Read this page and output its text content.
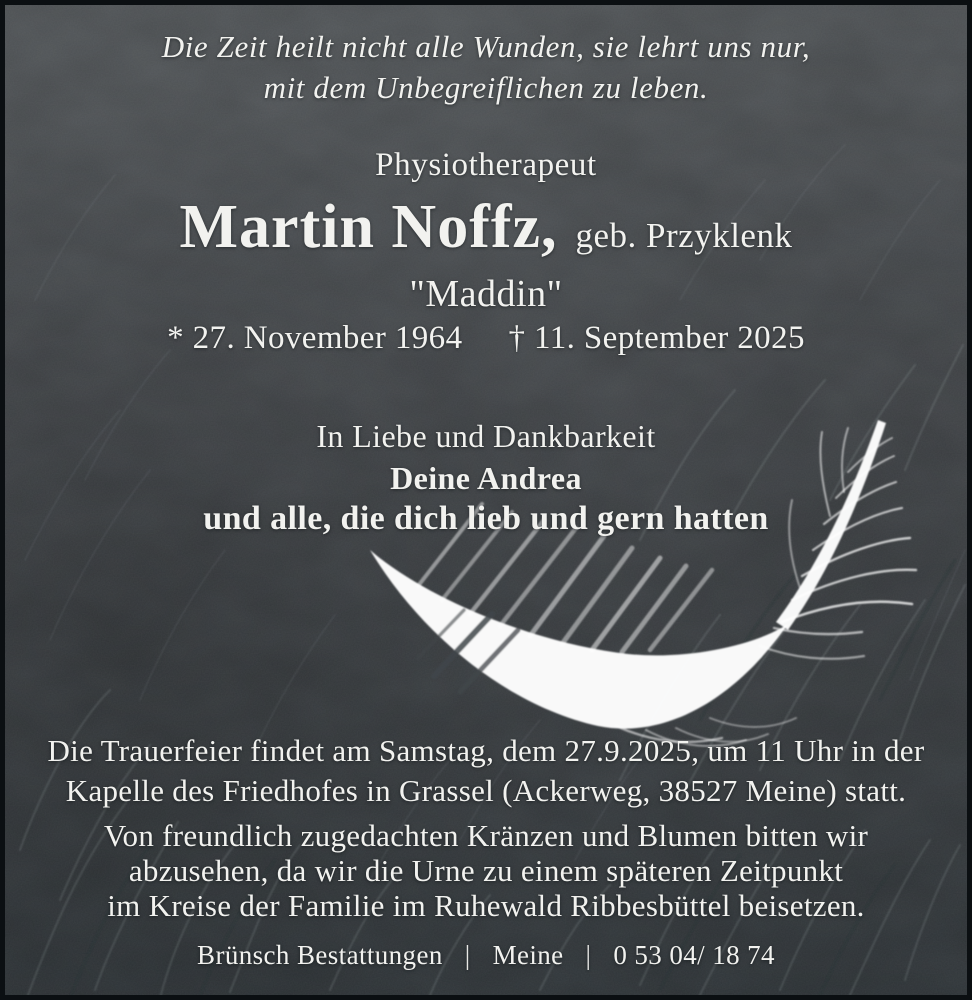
Die Zeit heilt nicht alle Wunden, sie lehrt uns nur,
mit dem Unbegreiflichen zu leben.
Physiotherapeut
Martin Noffz, geb. Przyklenk
"Maddin"
* 27. November 1964 † 11. September 2025
In Liebe und Dankbarkeit
Deine Andrea
und alle, die dich lieb und gern hatten
Die Trauerfeier findet am Samstag, dem 27.9.2025, um 11 Uhr in der
Kapelle des Friedhofes in Grassel (Ackerweg, 38527 Meine) statt.
Von freundlich zugedachten Kränzen und Blumen bitten wir
abzusehen, da wir die Urne zu einem späteren Zeitpunkt
im Kreise der Familie im Ruhewald Ribbesbüttel beisetzen.
Brünsch Bestattungen | Meine | 0 53 04/ 18 74
